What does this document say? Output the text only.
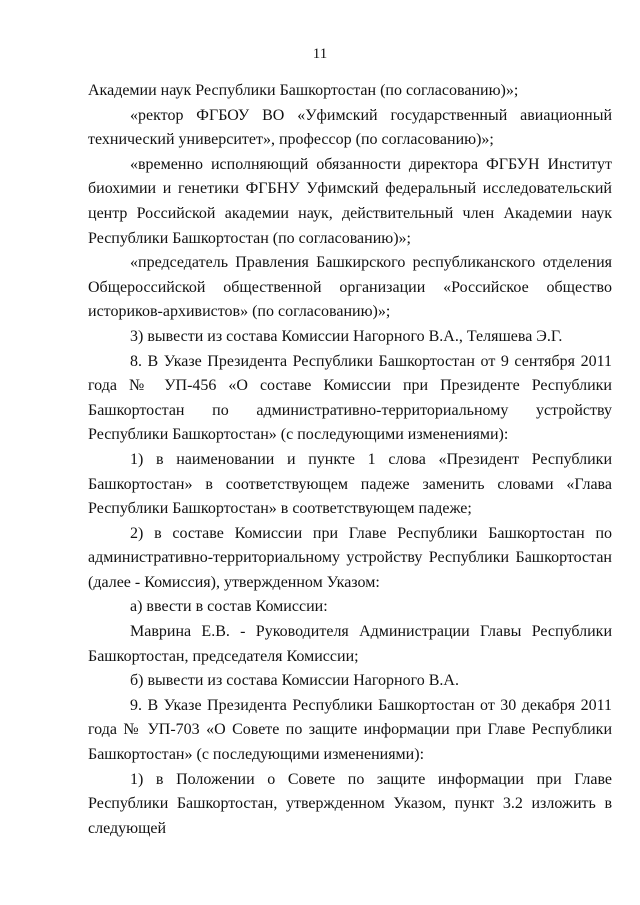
11

Академии наук Республики Башкортостан (по согласованию)»;

«ректор ФГБОУ ВО «Уфимский государственный авиационный технический университет», профессор (по согласованию)»;

«временно исполняющий обязанности директора ФГБУН Институт биохимии и генетики ФГБНУ Уфимский федеральный исследовательский центр Российской академии наук, действительный член Академии наук Республики Башкортостан (по согласованию)»;

«председатель Правления Башкирского республиканского отделения Общероссийской общественной организации «Российское общество историков-архивистов» (по согласованию)»;

3) вывести из состава Комиссии Нагорного В.А., Теляшева Э.Г.

8. В Указе Президента Республики Башкортостан от 9 сентября 2011 года № УП-456 «О составе Комиссии при Президенте Республики Башкортостан по административно-территориальному устройству Республики Башкортостан» (с последующими изменениями):

1) в наименовании и пункте 1 слова «Президент Республики Башкортостан» в соответствующем падеже заменить словами «Глава Республики Башкортостан» в соответствующем падеже;

2) в составе Комиссии при Главе Республики Башкортостан по административно-территориальному устройству Республики Башкортостан (далее - Комиссия), утвержденном Указом:

а) ввести в состав Комиссии:

Маврина Е.В. - Руководителя Администрации Главы Республики Башкортостан, председателя Комиссии;

б) вывести из состава Комиссии Нагорного В.А.

9. В Указе Президента Республики Башкортостан от 30 декабря 2011 года № УП-703 «О Совете по защите информации при Главе Республики Башкортостан» (с последующими изменениями):

1) в Положении о Совете по защите информации при Главе Республики Башкортостан, утвержденном Указом, пункт 3.2 изложить в следующей
